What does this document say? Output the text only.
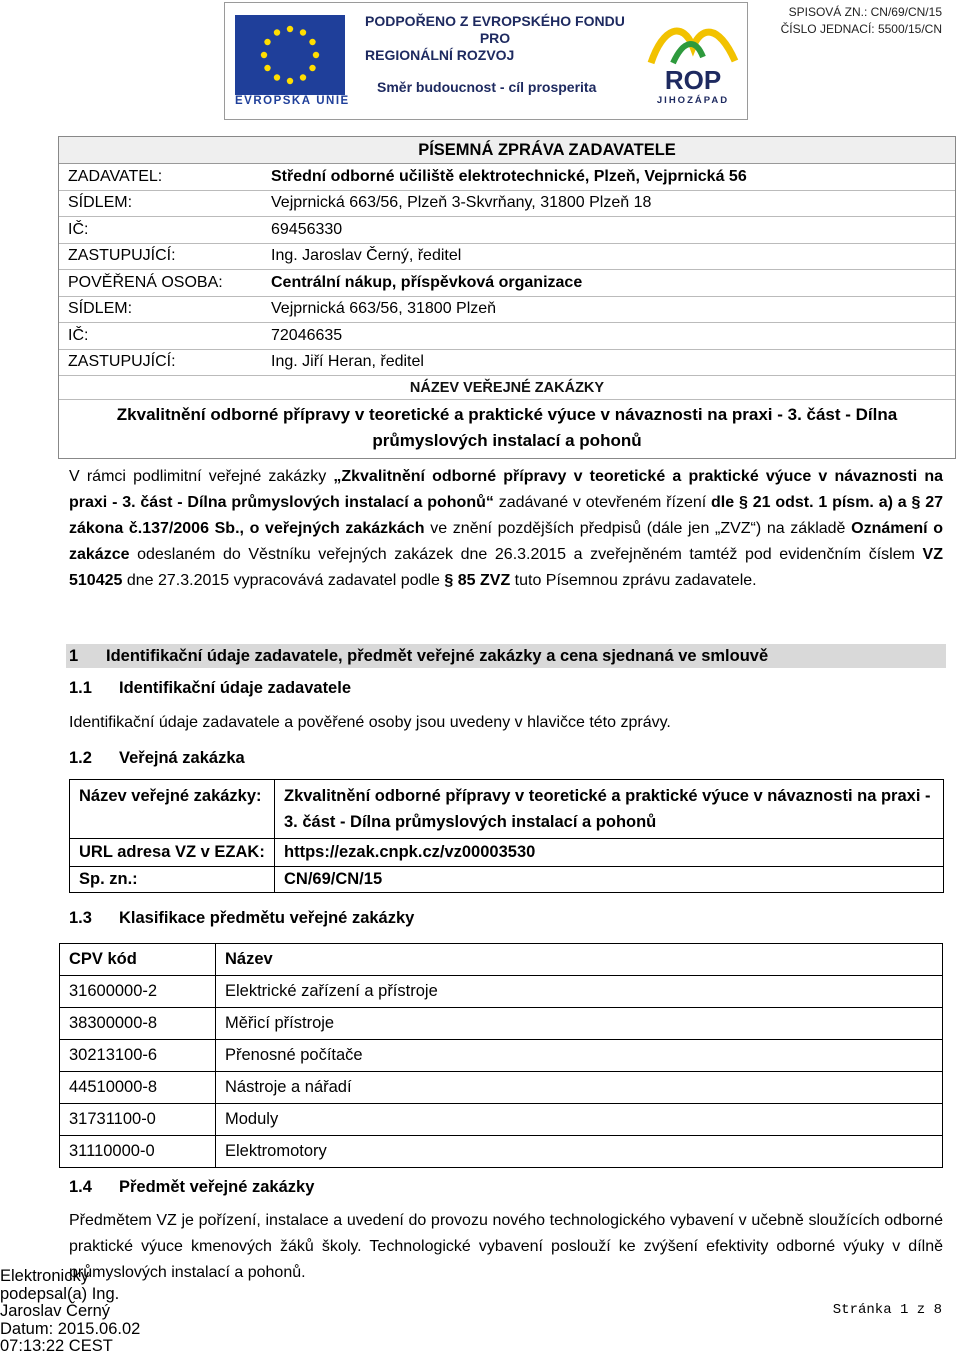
EVROPSKÁ UNIE
PODPOŘENO Z EVROPSKÉHO FONDU
PRO
REGIONÁLNÍ ROZVOJ
Směr budoucnost - cíl prosperita	ROP
JIHOZÁPAD
SPISOVÁ ZN.: CN/69/CN/15
ČÍSLO JEDNACÍ: 5500/15/CN
PÍSEMNÁ ZPRÁVA ZADAVATELE
ZADAVATEL:	Střední odborné učiliště elektrotechnické, Plzeň, Vejprnická 56
SÍDLEM:	Vejprnická 663/56, Plzeň 3-Skvrňany, 31800 Plzeň 18
IČ:	69456330
ZASTUPUJÍCÍ:	Ing. Jaroslav Černý, ředitel
POVĚŘENÁ OSOBA:	Centrální nákup, příspěvková organizace
SÍDLEM:	Vejprnická 663/56, 31800 Plzeň
IČ:	72046635
ZASTUPUJÍCÍ:	Ing. Jiří Heran, ředitel
NÁZEV VEŘEJNÉ ZAKÁZKY
Zkvalitnění odborné přípravy v teoretické a praktické výuce v návaznosti na praxi - 3. část - Dílna průmyslových instalací a pohonů
V rámci podlimitní veřejné zakázky „Zkvalitnění odborné přípravy v teoretické a praktické výuce v návaznosti na praxi - 3. část - Dílna průmyslových instalací a pohonů“ zadávané v otevřeném řízení dle § 21 odst. 1 písm. a) a § 27 zákona č.137/2006 Sb., o veřejných zakázkách ve znění pozdějších předpisů (dále jen „ZVZ“) na základě Oznámení o zakázce odeslaném do Věstníku veřejných zakázek dne 26.3.2015 a zveřejněném tamtéž pod evidenčním číslem VZ 510425 dne 27.3.2015 vypracovává zadavatel podle § 85 ZVZ tuto Písemnou zprávu zadavatele.
1 Identifikační údaje zadavatele, předmět veřejné zakázky a cena sjednaná ve smlouvě
1.1 Identifikační údaje zadavatele
Identifikační údaje zadavatele a pověřené osoby jsou uvedeny v hlavičce této zprávy.
1.2 Veřejná zakázka
Název veřejné zakázky:	Zkvalitnění odborné přípravy v teoretické a praktické výuce v návaznosti na praxi - 3. část - Dílna průmyslových instalací a pohonů
URL adresa VZ v EZAK:	https://ezak.cnpk.cz/vz00003530
Sp. zn.:	CN/69/CN/15
1.3 Klasifikace předmětu veřejné zakázky
CPV kód	Název
31600000-2	Elektrické zařízení a přístroje
38300000-8	Měřicí přístroje
30213100-6	Přenosné počítače
44510000-8	Nástroje a nářadí
31731100-0	Moduly
31110000-0	Elektromotory
1.4 Předmět veřejné zakázky
Předmětem VZ je pořízení, instalace a uvedení do provozu nového technologického vybavení v učebně sloužících odborné praktické výuce kmenových žáků školy. Technologické vybavení poslouží ke zvýšení efektivity odborné výuky v dílně průmyslových instalací a pohonů.
Elektronicky
podepsal(a) Ing.
Jaroslav Černý
Datum: 2015.06.02
07:13:22 CEST
Stránka 1 z 8
